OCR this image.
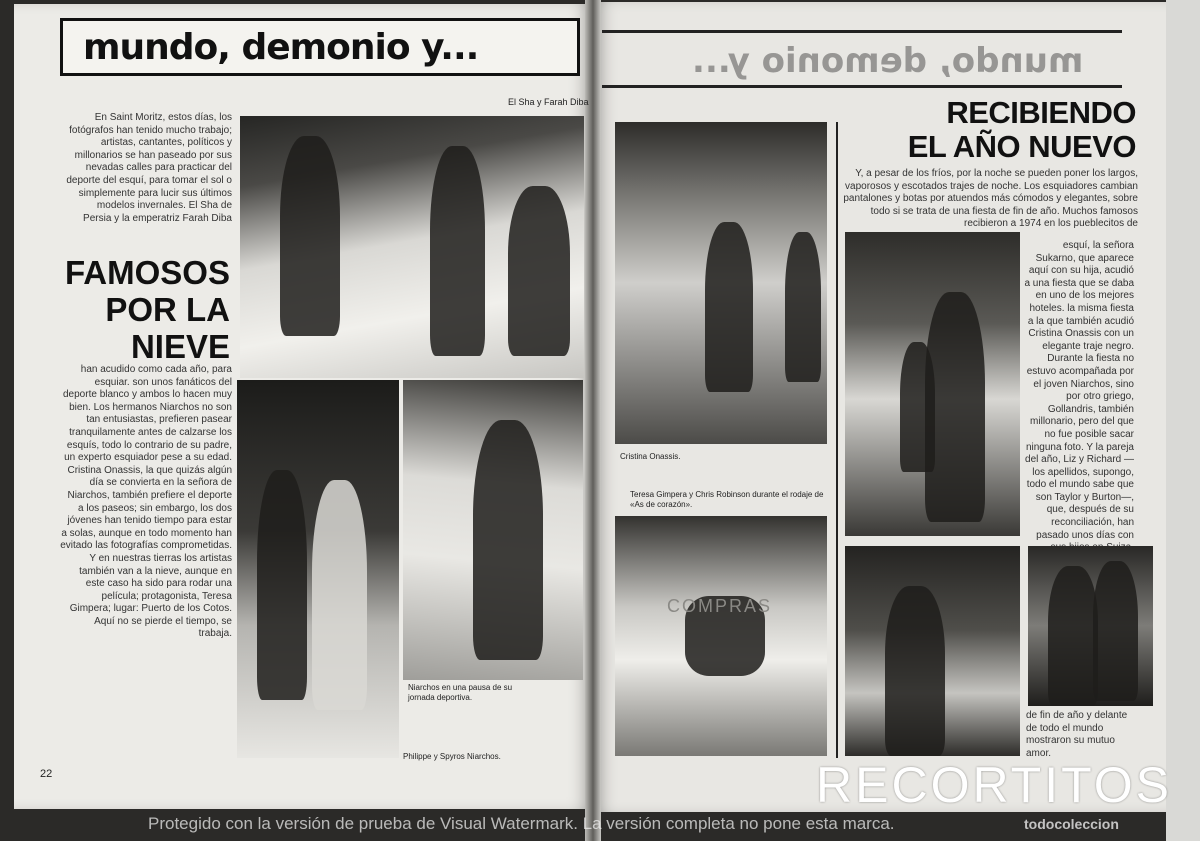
mundo, demonio y...
El Sha y Farah Diba
En Saint Moritz, estos días, los fotógrafos han tenido mucho trabajo; artistas, cantantes, políticos y millonarios se han paseado por sus nevadas calles para practicar del deporte del esquí, para tomar el sol o simplemente para lucir sus últimos modelos invernales. El Sha de Persia y la emperatriz Farah Diba
FAMOSOS
POR LA
NIEVE
han acudido como cada año, para esquiar. son unos fanáticos del deporte blanco y ambos lo hacen muy bien. Los hermanos Niarchos no son tan entusiastas, prefieren pasear tranquilamente antes de calzarse los esquís, todo lo contrario de su padre, un experto esquiador pese a su edad. Cristina Onassis, la que quizás algún día se convierta en la señora de Niarchos, también prefiere el deporte a los paseos; sin embargo, los dos jóvenes han tenido tiempo para estar a solas, aunque en todo momento han evitado las fotografías comprometidas. Y en nuestras tierras los artistas también van a la nieve, aunque en este caso ha sido para rodar una película; protagonista, Teresa Gimpera; lugar: Puerto de los Cotos. Aquí no se pierde el tiempo, se trabaja.
Niarchos en una pausa de su jornada deportiva.
Philippe y Spyros Niarchos.
22
mundo, demonio y...
RECIBIENDO
EL AÑO NUEVO
Y, a pesar de los fríos, por la noche se pueden poner los largos, vaporosos y escotados trajes de noche. Los esquiadores cambian pantalones y botas por atuendos más cómodos y elegantes, sobre todo si se trata de una fiesta de fin de año. Muchos famosos recibieron a 1974 en los pueblecitos de
esquí, la señora Sukarno, que aparece aquí con su hija, acudió a una fiesta que se daba en uno de los mejores hoteles. la misma fiesta a la que también acudió Cristina Onassis con un elegante traje negro. Durante la fiesta no estuvo acompañada por el joven Niarchos, sino por otro griego, Gollandris, también millonario, pero del que no fue posible sacar ninguna foto. Y la pareja del año, Liz y Richard —los apellidos, supongo, todo el mundo sabe que son Taylor y Burton—, que, después de su reconciliación, han pasado unos días con
de fin de año y delante de todo el mundo mostraron su mutuo amor.
Cristina Onassis.
Teresa Gimpera y Chris Robinson durante el rodaje de «As de corazón».
COMPRAS
RECORTITOS
Protegido con la versión de prueba de Visual Watermark. La versión completa no pone esta marca.	todocoleccion
